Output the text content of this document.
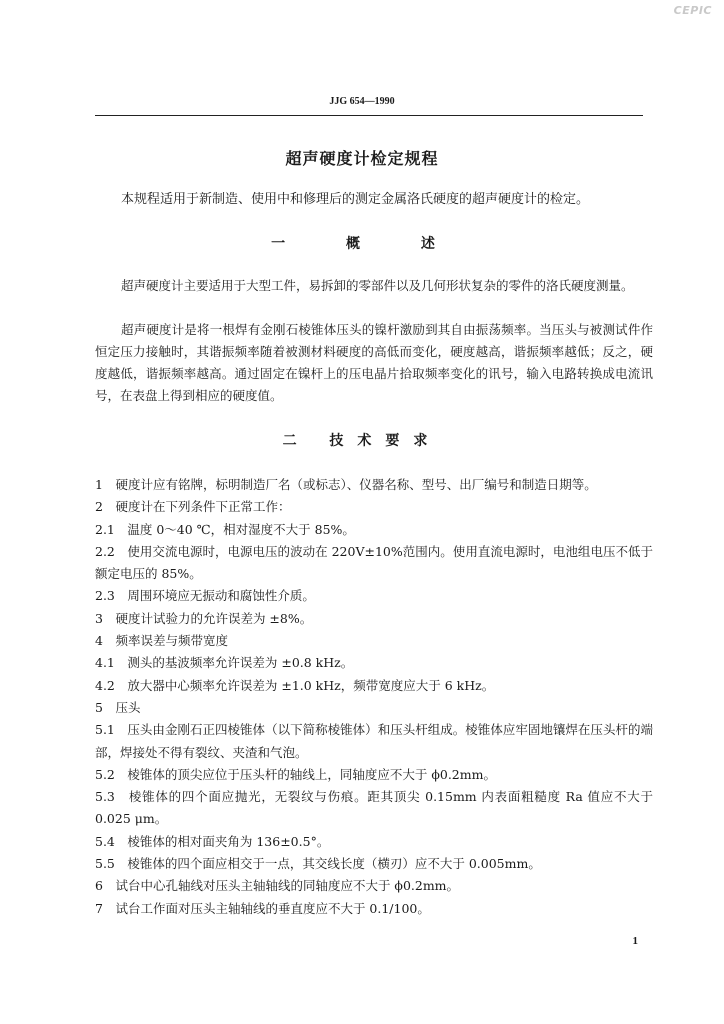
CEPIC
JJG 654—1990
超声硬度计检定规程
本规程适用于新制造、使用中和修理后的测定金属洛氏硬度的超声硬度计的检定。
一 概 述
超声硬度计主要适用于大型工件，易拆卸的零部件以及几何形状复杂的零件的洛氏硬度测量。
超声硬度计是将一根焊有金刚石棱锥体压头的镍杆激励到其自由振荡频率。当压头与被测试件作恒定压力接触时，其谐振频率随着被测材料硬度的高低而变化，硬度越高，谐振频率越低；反之，硬度越低，谐振频率越高。通过固定在镍杆上的压电晶片拾取频率变化的讯号，输入电路转换成电流讯号，在表盘上得到相应的硬度值。
二 技术要求
1　硬度计应有铭牌，标明制造厂名（或标志）、仪器名称、型号、出厂编号和制造日期等。
2　硬度计在下列条件下正常工作：
2.1　温度 0～40 ℃，相对湿度不大于 85%。
2.2　使用交流电源时，电源电压的波动在 220V±10%范围内。使用直流电源时，电池组电压不低于额定电压的 85%。
2.3　周围环境应无振动和腐蚀性介质。
3　硬度计试验力的允许误差为 ±8%。
4　频率误差与频带宽度
4.1　测头的基波频率允许误差为 ±0.8 kHz。
4.2　放大器中心频率允许误差为 ±1.0 kHz，频带宽度应大于 6 kHz。
5　压头
5.1　压头由金刚石正四棱锥体（以下简称棱锥体）和压头杆组成。棱锥体应牢固地镶焊在压头杆的端部，焊接处不得有裂纹、夹渣和气泡。
5.2　棱锥体的顶尖应位于压头杆的轴线上，同轴度应不大于 ϕ0.2mm。
5.3　棱锥体的四个面应抛光，无裂纹与伤痕。距其顶尖 0.15mm 内表面粗糙度 Ra 值应不大于 0.025 μm。
5.4　棱锥体的相对面夹角为 136±0.5°。
5.5　棱锥体的四个面应相交于一点，其交线长度（横刃）应不大于 0.005mm。
6　试台中心孔轴线对压头主轴轴线的同轴度应不大于 ϕ0.2mm。
7　试台工作面对压头主轴轴线的垂直度应不大于 0.1/100。
1
